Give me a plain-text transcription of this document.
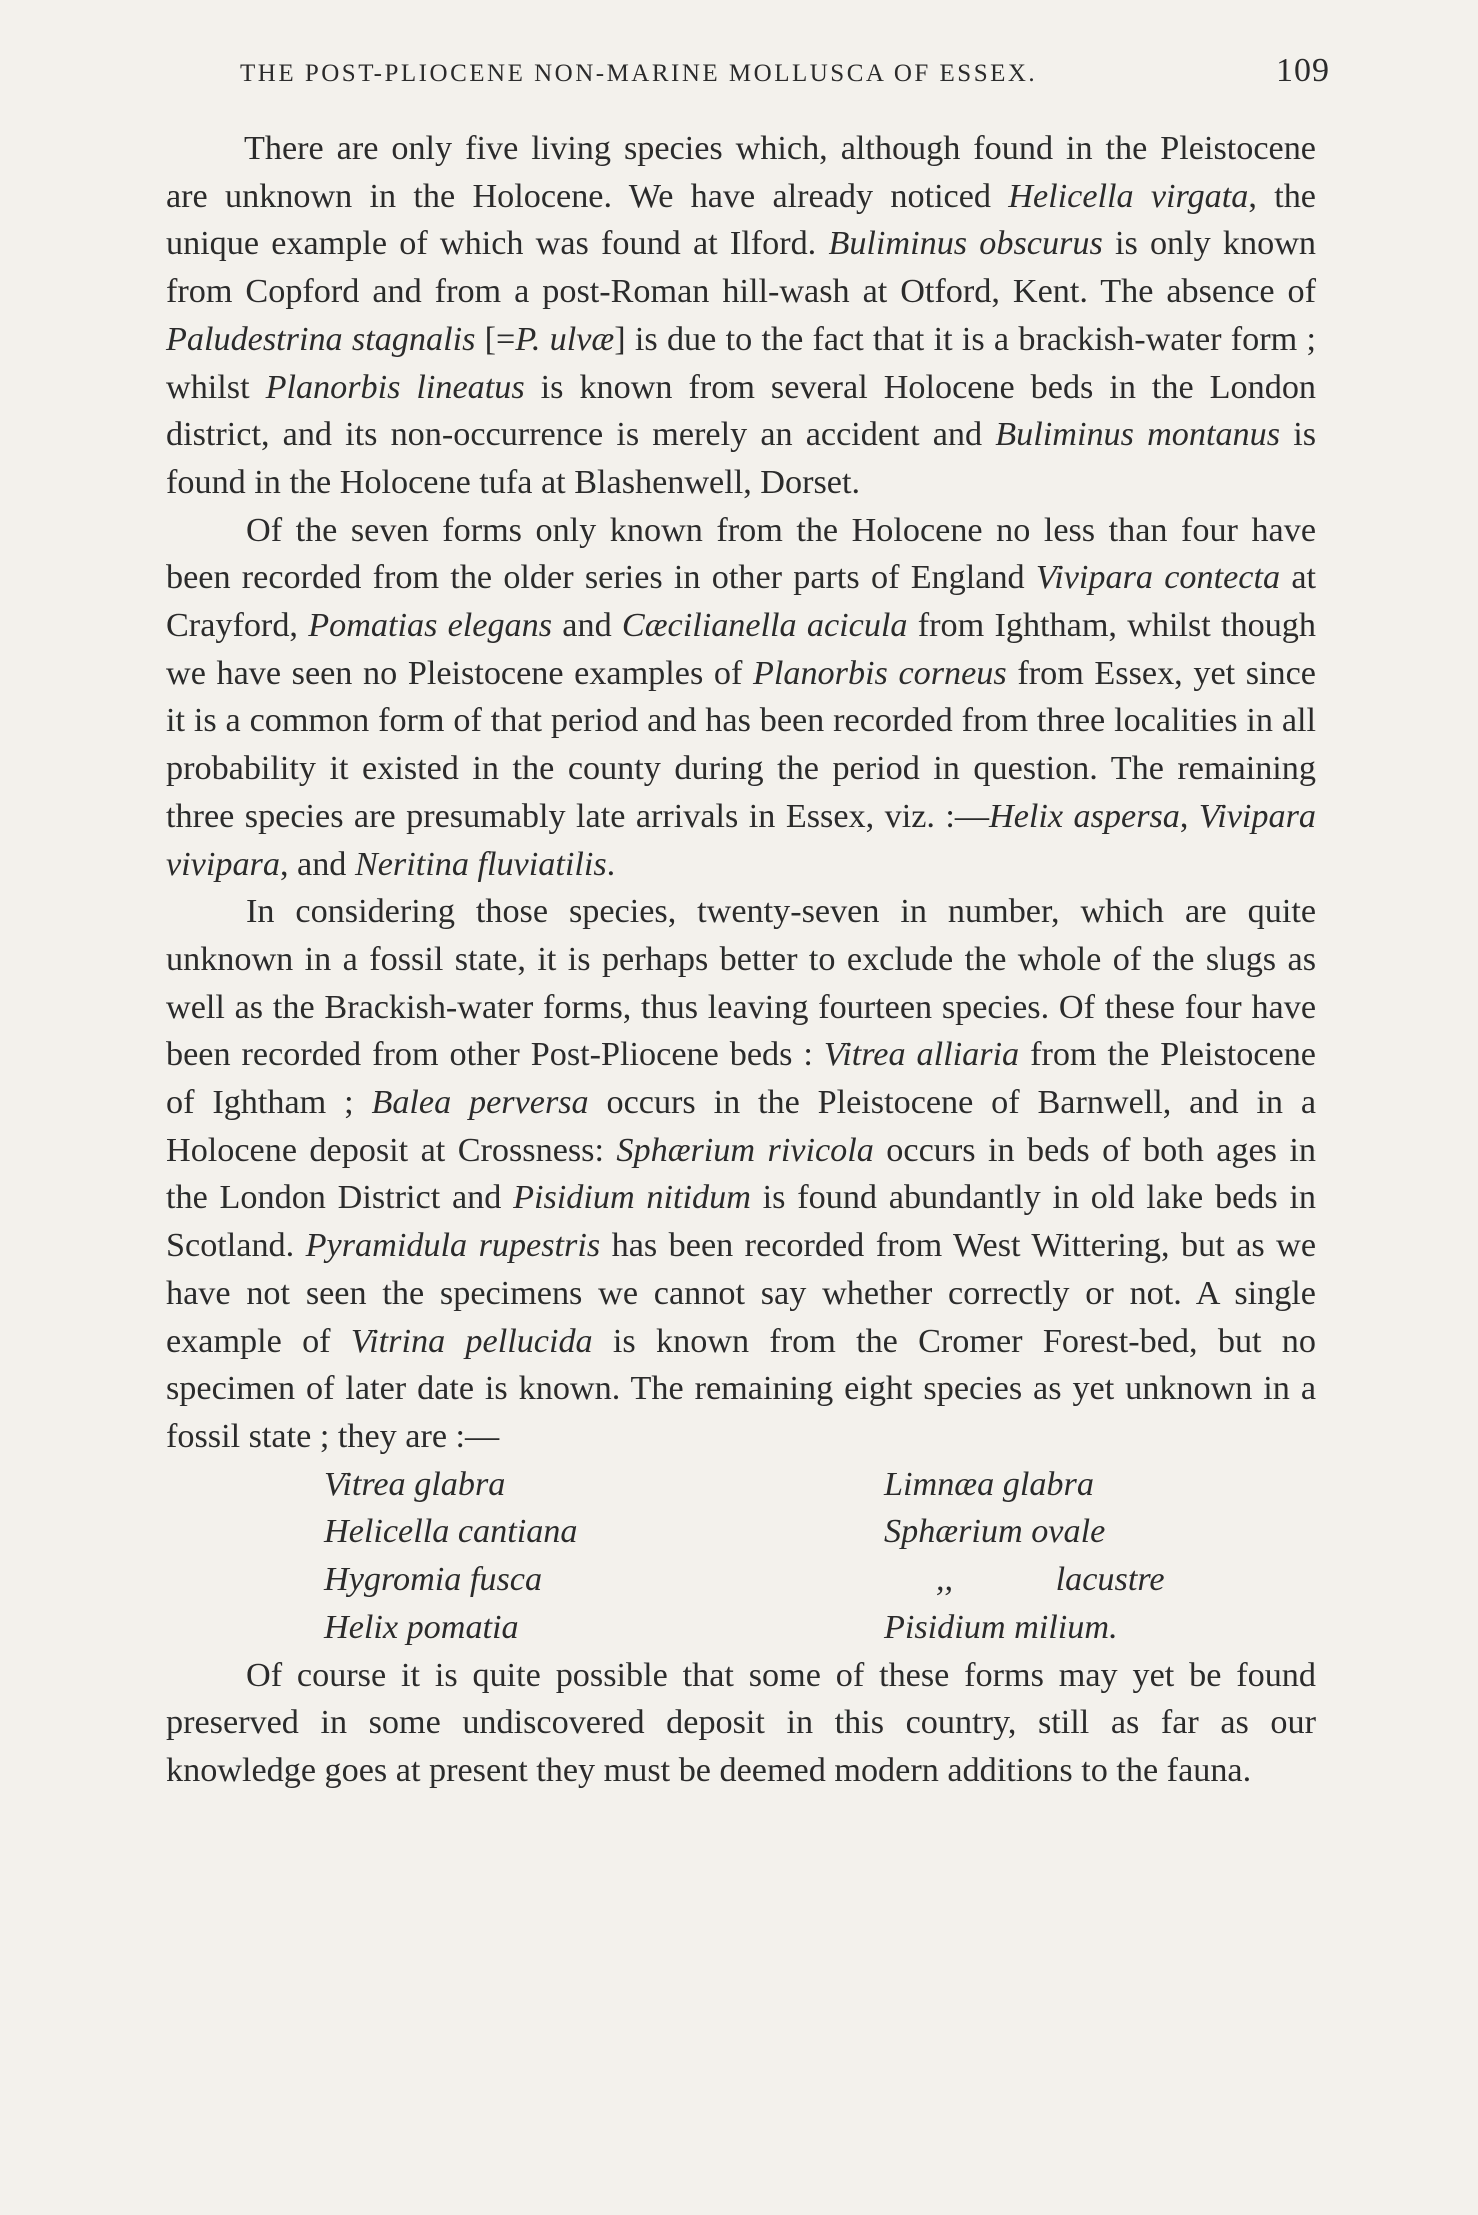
THE POST-PLIOCENE NON-MARINE MOLLUSCA OF ESSEX.	109

There are only five living species which, although found in the Pleistocene are unknown in the Holocene. We have already noticed Helicella virgata, the unique example of which was found at Ilford. Buliminus obscurus is only known from Copford and from a post-Roman hill-wash at Otford, Kent. The absence of Paludestrina stagnalis [=P. ulvæ] is due to the fact that it is a brackish-water form ; whilst Planorbis lineatus is known from several Holocene beds in the London district, and its non-occurrence is merely an accident and Buliminus montanus is found in the Holocene tufa at Blashenwell, Dorset.

Of the seven forms only known from the Holocene no less than four have been recorded from the older series in other parts of England Vivipara contecta at Crayford, Pomatias elegans and Cæcilianella acicula from Ightham, whilst though we have seen no Pleistocene examples of Planorbis corneus from Essex, yet since it is a common form of that period and has been recorded from three localities in all probability it existed in the county during the period in question. The remaining three species are presumably late arrivals in Essex, viz. :—Helix aspersa, Vivipara vivipara, and Neritina fluviatilis.

In considering those species, twenty-seven in number, which are quite unknown in a fossil state, it is perhaps better to exclude the whole of the slugs as well as the Brackish-water forms, thus leaving fourteen species. Of these four have been recorded from other Post-Pliocene beds : Vitrea alliaria from the Pleistocene of Ightham ; Balea perversa occurs in the Pleistocene of Barnwell, and in a Holocene deposit at Crossness: Sphærium rivicola occurs in beds of both ages in the London District and Pisidium nitidum is found abundantly in old lake beds in Scotland. Pyramidula rupestris has been recorded from West Wittering, but as we have not seen the specimens we cannot say whether correctly or not. A single example of Vitrina pellucida is known from the Cromer Forest-bed, but no specimen of later date is known. The remaining eight species as yet unknown in a fossil state ; they are :—

Vitrea glabra	Limnæa glabra
Helicella cantiana	Sphærium ovale
Hygromia fusca	,,            lacustre
Helix pomatia	Pisidium milium.

Of course it is quite possible that some of these forms may yet be found preserved in some undiscovered deposit in this country, still as far as our knowledge goes at present they must be deemed modern additions to the fauna.
